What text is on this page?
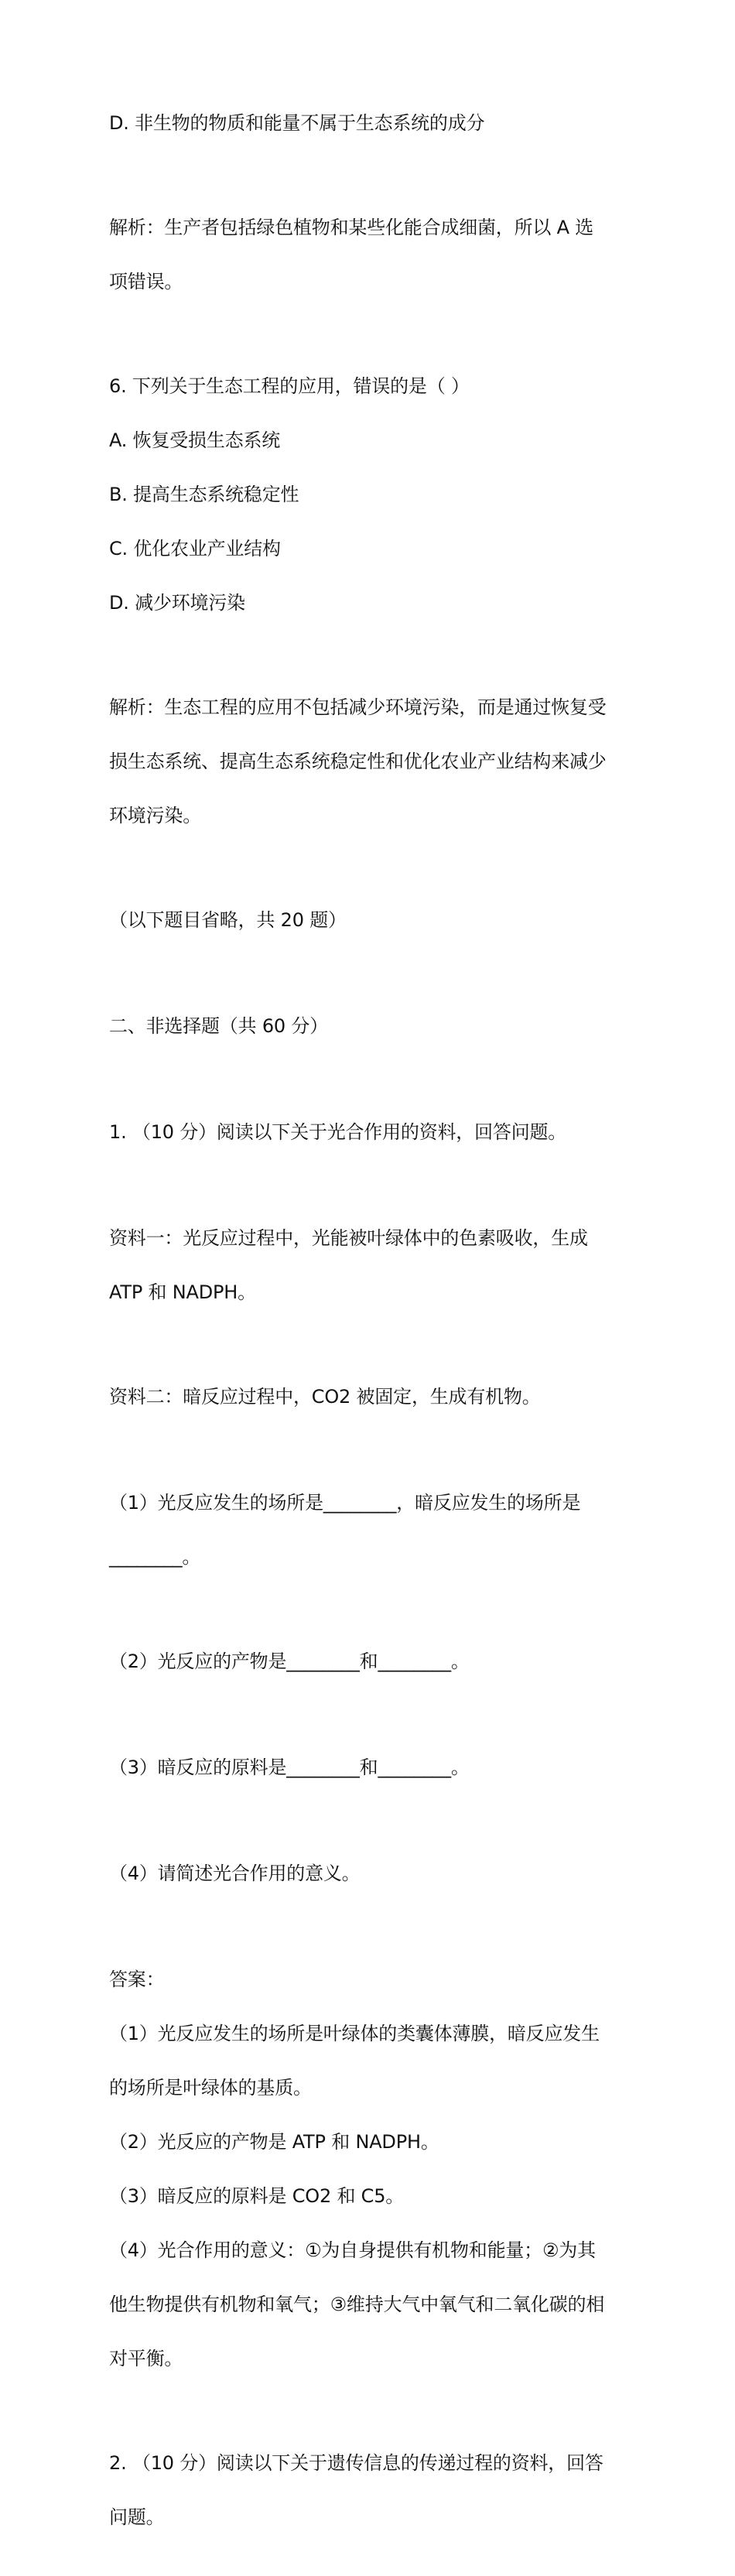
D. 非生物的物质和能量不属于生态系统的成分

解析：生产者包括绿色植物和某些化能合成细菌，所以 A 选

项错误。

6. 下列关于生态工程的应用，错误的是（ ）

A. 恢复受损生态系统

B. 提高生态系统稳定性

C. 优化农业产业结构

D. 减少环境污染

解析：生态工程的应用不包括减少环境污染，而是通过恢复受

损生态系统、提高生态系统稳定性和优化农业产业结构来减少

环境污染。

（以下题目省略，共 20 题）

二、非选择题（共 60 分）

1. （10 分）阅读以下关于光合作用的资料，回答问题。

资料一：光反应过程中，光能被叶绿体中的色素吸收，生成

ATP 和 NADPH。

资料二：暗反应过程中，CO2 被固定，生成有机物。

（1）光反应发生的场所是________，暗反应发生的场所是

________。

（2）光反应的产物是________和________。

（3）暗反应的原料是________和________。

（4）请简述光合作用的意义。

答案：

（1）光反应发生的场所是叶绿体的类囊体薄膜，暗反应发生

的场所是叶绿体的基质。

（2）光反应的产物是 ATP 和 NADPH。

（3）暗反应的原料是 CO2 和 C5。

（4）光合作用的意义：①为自身提供有机物和能量；②为其

他生物提供有机物和氧气；③维持大气中氧气和二氧化碳的相

对平衡。

2. （10 分）阅读以下关于遗传信息的传递过程的资料，回答

问题。
